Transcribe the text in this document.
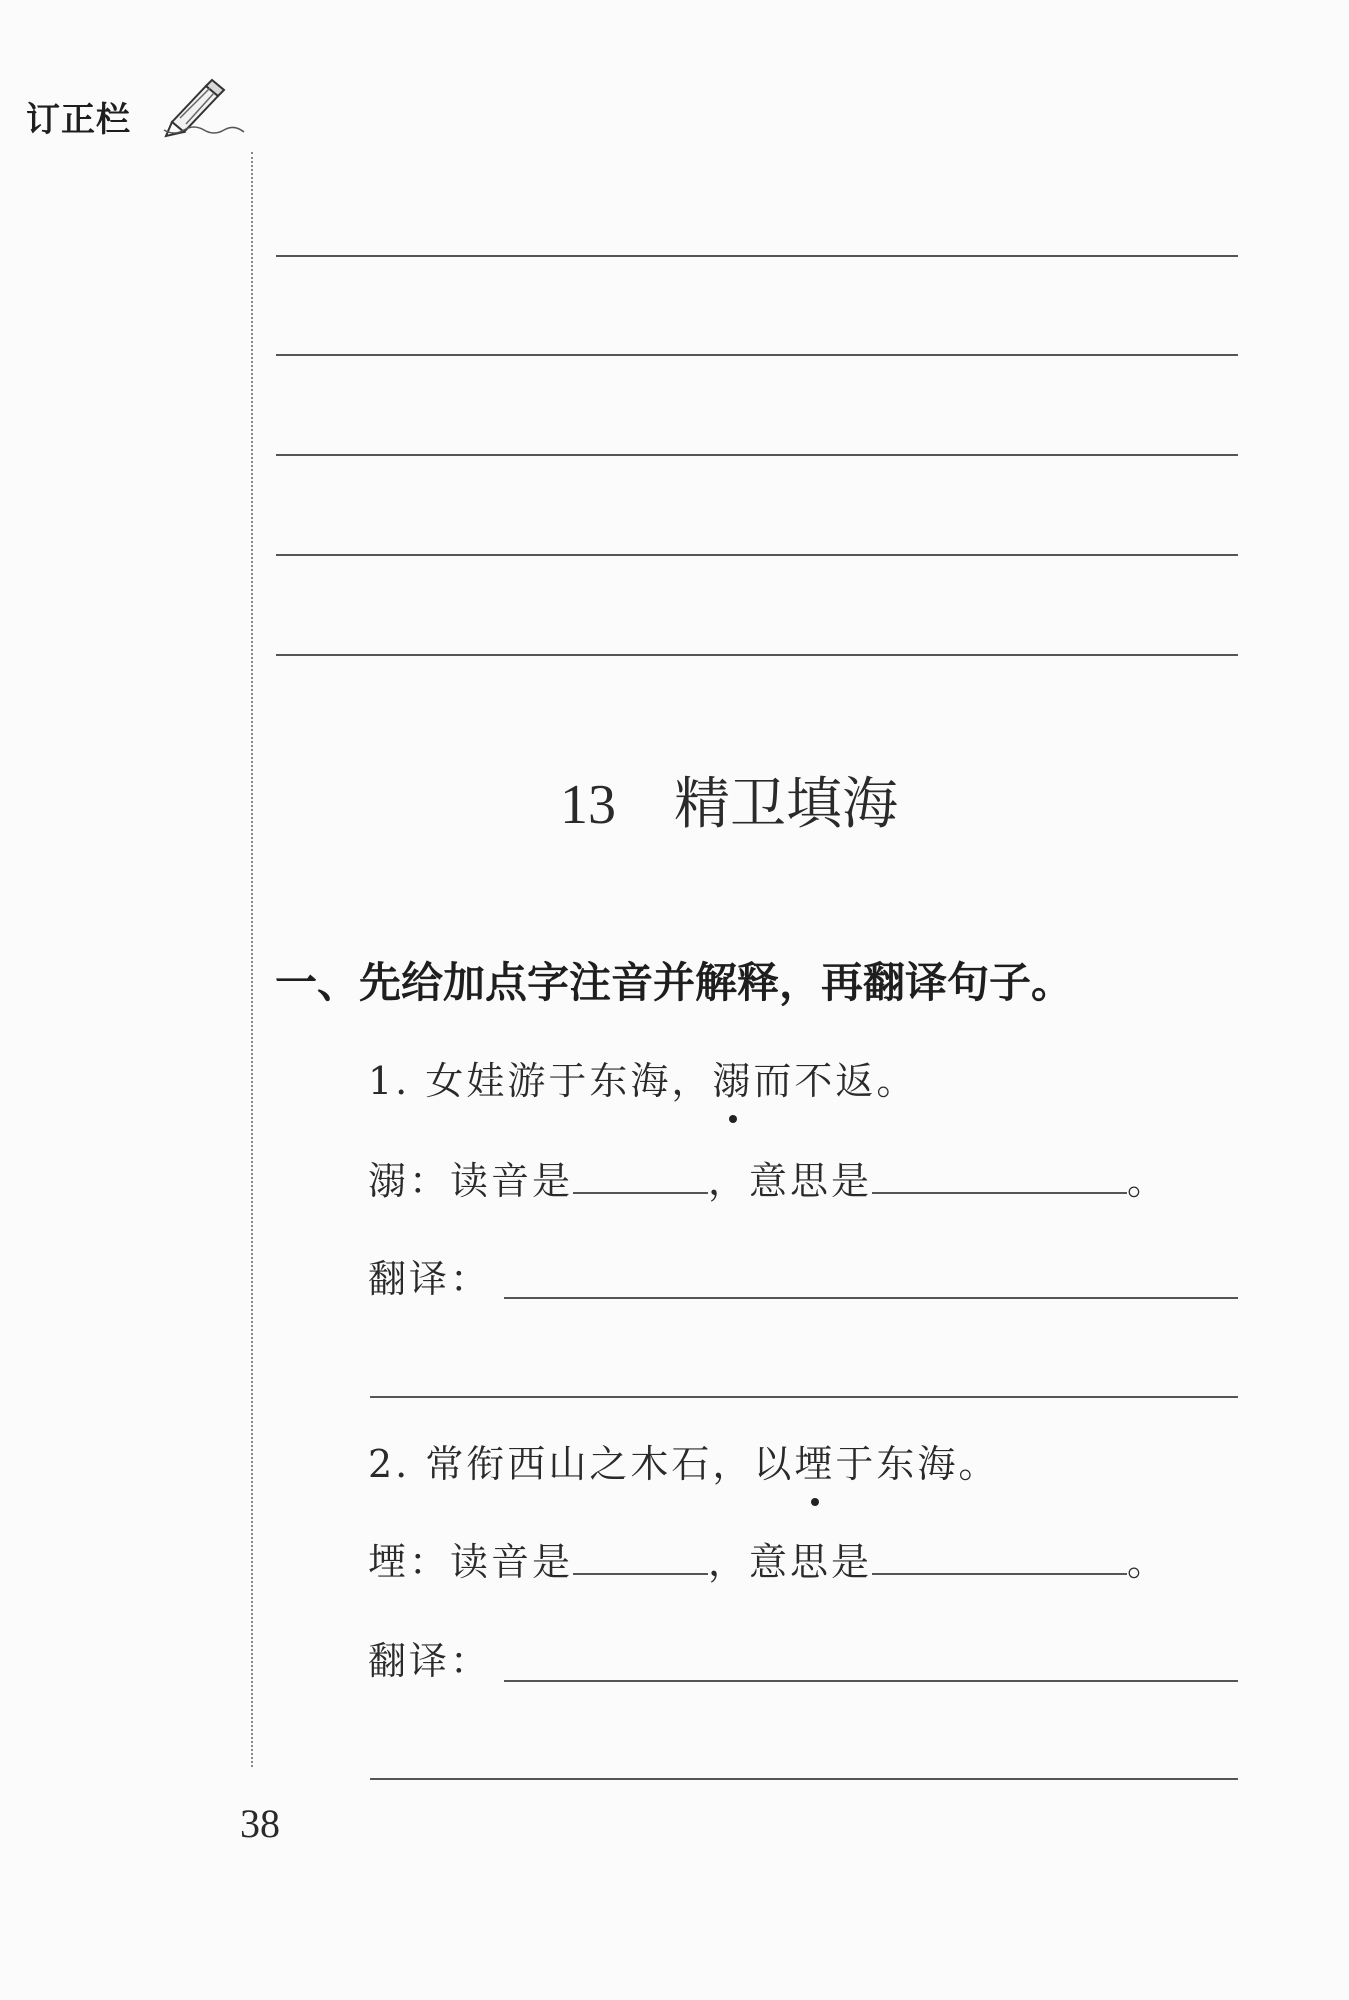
订正栏
13 精卫填海
一、先给加点字注音并解释，再翻译句子。
1. 女娃游于东海，溺
而不返。
溺：读音是	，意思是	。
翻译：
2. 常衔西山之木石，以堙
于东海。
堙：读音是	，意思是	。
翻译：
38
